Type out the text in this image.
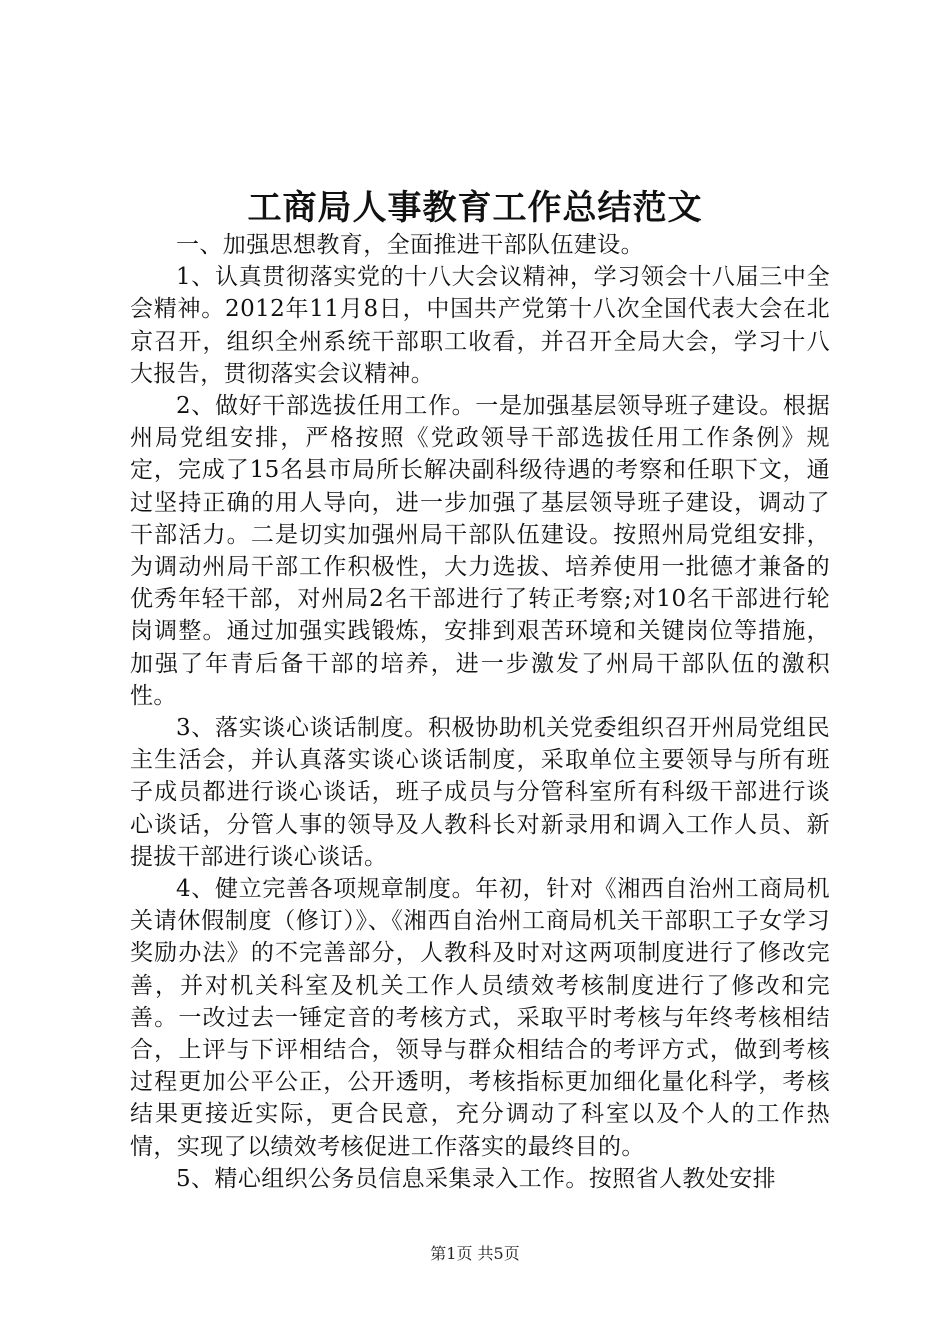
工商局人事教育工作总结范文

一、加强思想教育，全面推进干部队伍建设。

1、认真贯彻落实党的十八大会议精神，学习领会十八届三中全会精神。2012年11月8日，中国共产党第十八次全国代表大会在北京召开，组织全州系统干部职工收看，并召开全局大会，学习十八大报告，贯彻落实会议精神。

2、做好干部选拔任用工作。一是加强基层领导班子建设。根据州局党组安排，严格按照《党政领导干部选拔任用工作条例》规定，完成了15名县市局所长解决副科级待遇的考察和任职下文，通过坚持正确的用人导向，进一步加强了基层领导班子建设，调动了干部活力。二是切实加强州局干部队伍建设。按照州局党组安排，为调动州局干部工作积极性，大力选拔、培养使用一批德才兼备的优秀年轻干部，对州局2名干部进行了转正考察;对10名干部进行轮岗调整。通过加强实践锻炼，安排到艰苦环境和关键岗位等措施，加强了年青后备干部的培养，进一步激发了州局干部队伍的激积性。

3、落实谈心谈话制度。积极协助机关党委组织召开州局党组民主生活会，并认真落实谈心谈话制度，采取单位主要领导与所有班子成员都进行谈心谈话，班子成员与分管科室所有科级干部进行谈心谈话，分管人事的领导及人教科长对新录用和调入工作人员、新提拔干部进行谈心谈话。

4、健立完善各项规章制度。年初，针对《湘西自治州工商局机关请休假制度（修订）》、《湘西自治州工商局机关干部职工子女学习奖励办法》的不完善部分，人教科及时对这两项制度进行了修改完善，并对机关科室及机关工作人员绩效考核制度进行了修改和完善。一改过去一锤定音的考核方式，采取平时考核与年终考核相结合，上评与下评相结合，领导与群众相结合的考评方式，做到考核过程更加公平公正，公开透明，考核指标更加细化量化科学，考核结果更接近实际，更合民意，充分调动了科室以及个人的工作热情，实现了以绩效考核促进工作落实的最终目的。

5、精心组织公务员信息采集录入工作。按照省人教处安排

第1页 共5页
